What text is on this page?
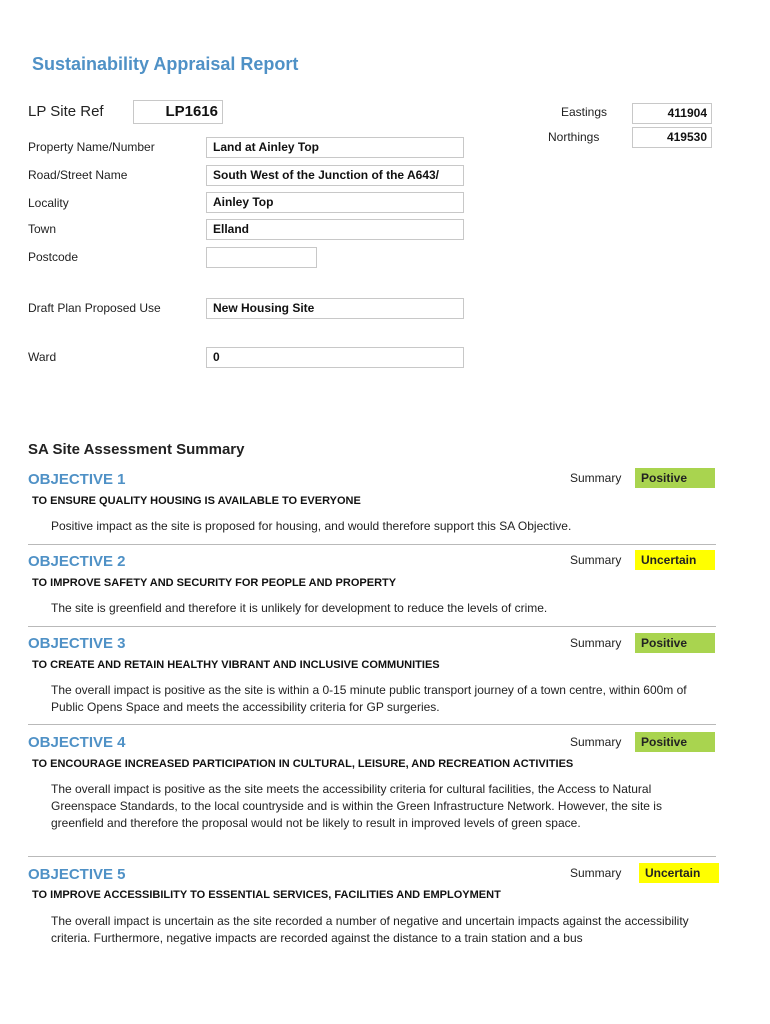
Sustainability Appraisal Report
LP Site Ref	LP1616	Eastings	411904
Northings	419530
Property Name/Number	Land at Ainley Top
Road/Street Name	South West of the Junction of the A643/
Locality	Ainley Top
Town	Elland
Postcode
Draft Plan Proposed Use	New Housing Site
Ward	0
SA Site Assessment Summary
OBJECTIVE 1	Summary	Positive
TO ENSURE QUALITY HOUSING IS AVAILABLE TO EVERYONE
Positive impact as the site is proposed for housing, and would therefore support this SA Objective.
OBJECTIVE 2	Summary	Uncertain
TO IMPROVE SAFETY AND SECURITY FOR PEOPLE AND PROPERTY
The site is greenfield and therefore it is unlikely for development to reduce the levels of crime.
OBJECTIVE 3	Summary	Positive
TO CREATE AND RETAIN HEALTHY VIBRANT AND INCLUSIVE COMMUNITIES
The overall impact is positive as the site is within a 0-15 minute public transport journey of a town centre, within 600m of Public Opens Space and meets the accessibility criteria for GP surgeries.
OBJECTIVE 4	Summary	Positive
TO ENCOURAGE INCREASED PARTICIPATION IN CULTURAL, LEISURE, AND RECREATION ACTIVITIES
The overall impact is positive as the site meets the accessibility criteria for cultural facilities, the Access to Natural Greenspace Standards, to the local countryside and is within the Green Infrastructure Network. However, the site is greenfield and therefore the proposal would not be likely to result in improved levels of green space.
OBJECTIVE 5	Summary	Uncertain
TO IMPROVE ACCESSIBILITY TO ESSENTIAL SERVICES, FACILITIES AND EMPLOYMENT
The overall impact is uncertain as the site recorded a number of negative and uncertain impacts against the accessibility criteria. Furthermore, negative impacts are recorded against the distance to a train station and a bus
